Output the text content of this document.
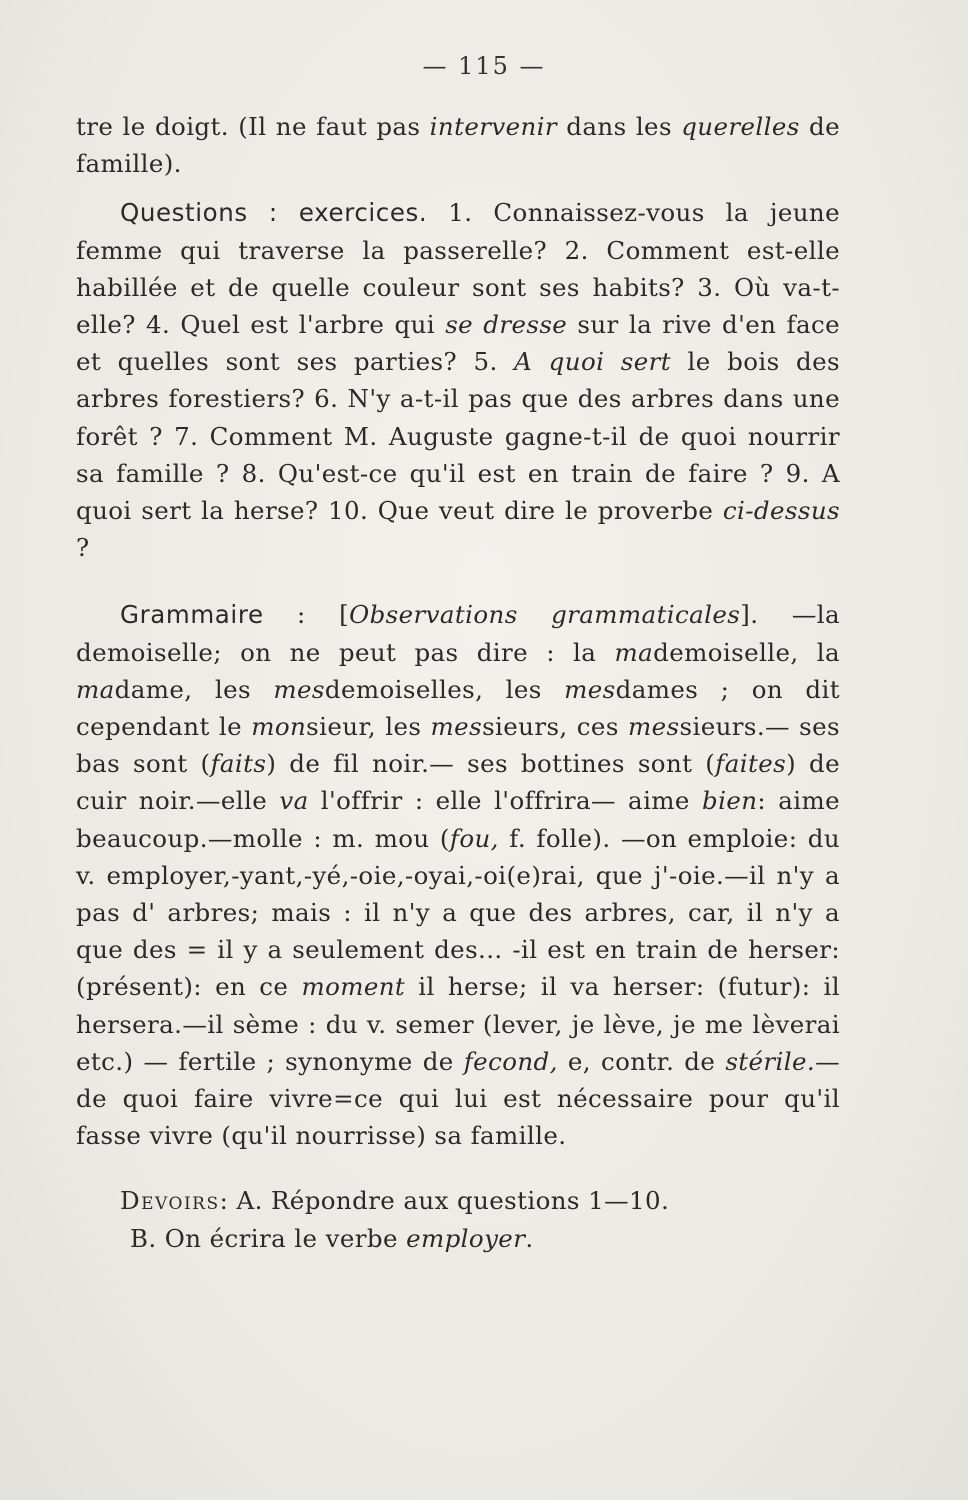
— 115 —

tre le doigt. (Il ne faut pas intervenir dans les querelles de famille).

Questions : exercices. 1. Connaissez-vous la jeune femme qui traverse la passerelle? 2. Comment est-elle habillée et de quelle couleur sont ses habits? 3. Où va-t-elle? 4. Quel est l'arbre qui se dresse sur la rive d'en face et quelles sont ses parties? 5. A quoi sert le bois des arbres forestiers? 6. N'y a-t-il pas que des arbres dans une forêt ? 7. Comment M. Auguste gagne-t-il de quoi nourrir sa famille ? 8. Qu'est-ce qu'il est en train de faire ? 9. A quoi sert la herse? 10. Que veut dire le proverbe ci-dessus ?

Grammaire : [Observations grammaticales]. —la demoiselle; on ne peut pas dire : la mademoiselle, la madame, les mesdemoiselles, les mesdames ; on dit cependant le monsieur, les messieurs, ces messieurs.— ses bas sont (faits) de fil noir.— ses bottines sont (faites) de cuir noir.—elle va l'offrir : elle l'offrira— aime bien: aime beaucoup.—molle : m. mou (fou, f. folle). —on emploie: du v. employer,-yant,-yé,-oie,-oyai,-oi(e)rai, que j'-oie.—il n'y a pas d' arbres; mais : il n'y a que des arbres, car, il n'y a que des = il y a seulement des... -il est en train de herser: (présent): en ce moment il herse; il va herser: (futur): il hersera.—il sème : du v. semer (lever, je lève, je me lèverai etc.) — fertile ; synonyme de fecond, e, contr. de stérile.—de quoi faire vivre=ce qui lui est nécessaire pour qu'il fasse vivre (qu'il nourrisse) sa famille.

Devoirs: A. Répondre aux questions 1—10.
B. On écrira le verbe employer.
